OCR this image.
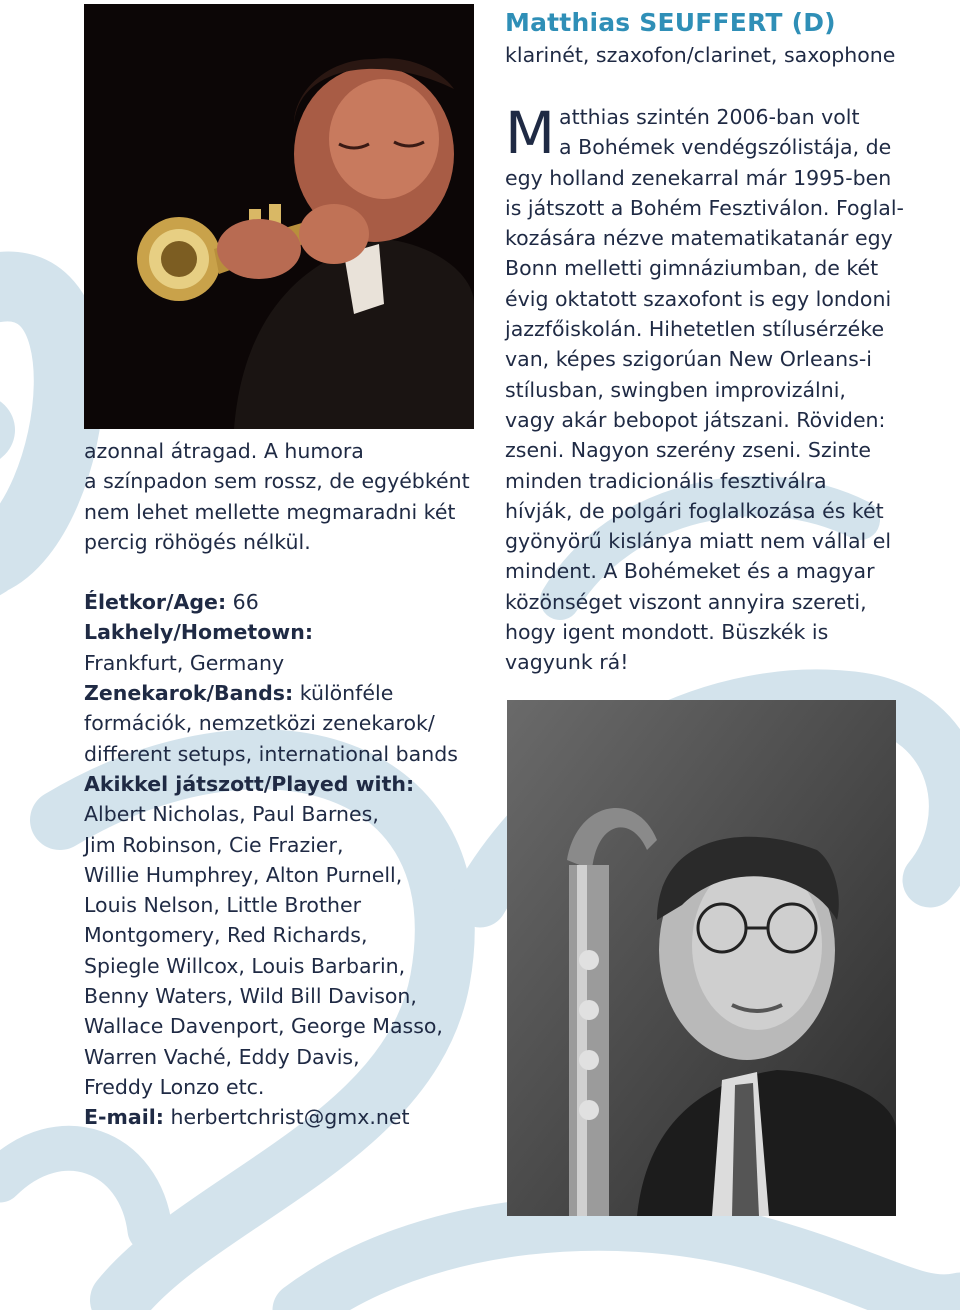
azonnal átragad. A humora

a színpadon sem rossz, de egyébként

nem lehet mellette megmaradni két

percig röhögés nélkül.

Életkor/Age: 66

Lakhely/Hometown:

Frankfurt, Germany

Zenekarok/Bands: különféle

formációk, nemzetközi zenekarok/

different setups, international bands

Akikkel játszott/Played with:

Albert Nicholas, Paul Barnes,

Jim Robinson, Cie Frazier,

Willie Humphrey, Alton Purnell,

Louis Nelson, Little Brother

Montgomery, Red Richards,

Spiegle Willcox, Louis Barbarin,

Benny Waters, Wild Bill Davison,

Wallace Davenport, George Masso,

Warren Vaché, Eddy Davis,

Freddy Lonzo etc.

E-mail: herbertchrist@gmx.net

Matthias SEUFFERT (D)

klarinét, szaxofon/clarinet, saxophone

M atthias szintén 2006-ban volt

a Bohémek vendégszólistája, de

egy holland zenekarral már 1995-ben

is játszott a Bohém Fesztiválon. Foglal-

kozására nézve matematikatanár egy

Bonn melletti gimnáziumban, de két

évig oktatott szaxofont is egy londoni

jazzfőiskolán. Hihetetlen stílusérzéke

van, képes szigorúan New Orleans-i

stílusban, swingben improvizálni,

vagy akár bebopot játszani. Röviden:

zseni. Nagyon szerény zseni. Szinte

minden tradicionális fesztiválra

hívják, de polgári foglalkozása és két

gyönyörű kislánya miatt nem vállal el

mindent. A Bohémeket és a magyar

közönséget viszont annyira szereti,

hogy igent mondott. Büszkék is

vagyunk rá!
